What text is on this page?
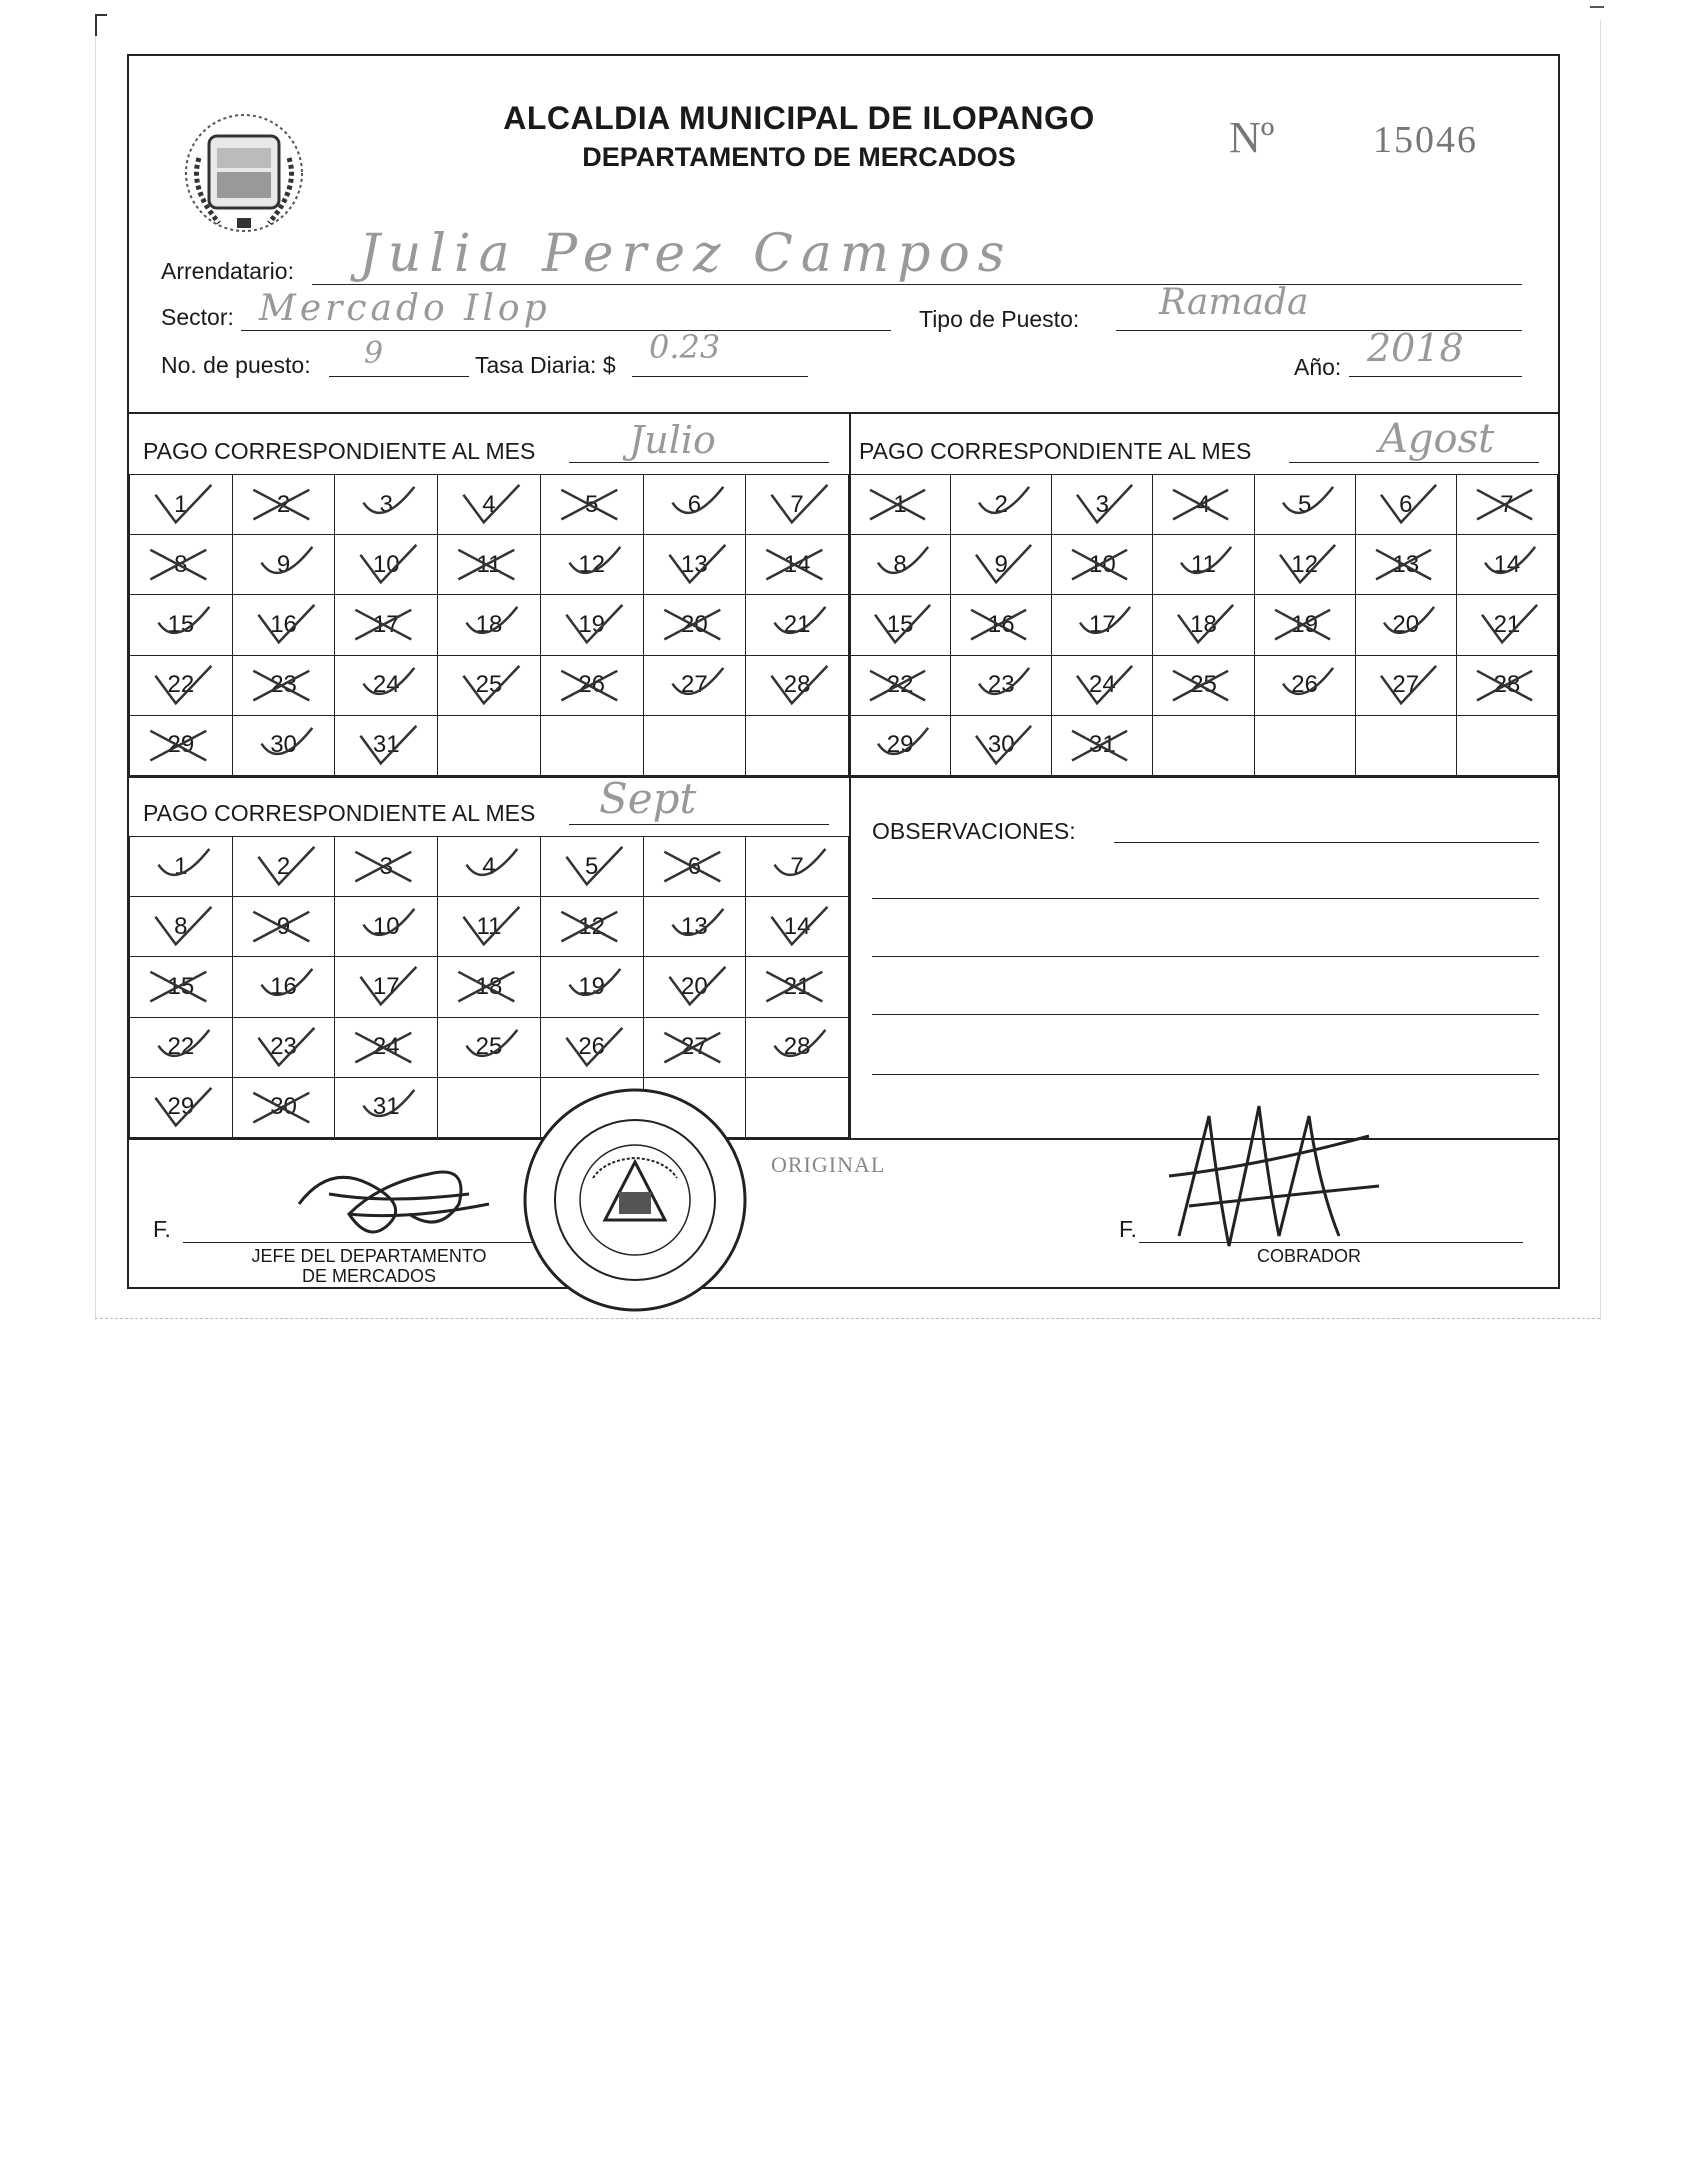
ALCALDIA MUNICIPAL DE ILOPANGO
DEPARTAMENTO DE MERCADOS	Nº	15046
Arrendatario: Julia Perez Campos
Sector: Mercado Ilop	Tipo de Puesto: Ramada
No. de puesto: 9	Tasa Diaria: $ 0.23
Año: 2018
PAGO CORRESPONDIENTE AL MES Julio
1	2	3	4	5	6	7

8	9	10	11	12	13	14

15	16	17	18	19	20	21

22	23	24	25	26	27	28

29	30	31

PAGO CORRESPONDIENTE AL MES	Agost
1	2	3	4	5	6	7

8	9	10	11	12	13	14

15	16	17	18	19	20	21

22	23	24	25	26	27	28

29	30	31

PAGO CORRESPONDIENTE AL MES Sept
1	2	3	4	5	6	7

8	9	10	11	12	13	14

15	16	17	18	19	20	21

22	23	24	25	26	27	28

29	30	31

OBSERVACIONES:
F.
JEFE DEL DEPARTAMENTO
DE MERCADOS
ORIGINAL
F.
COBRADOR
